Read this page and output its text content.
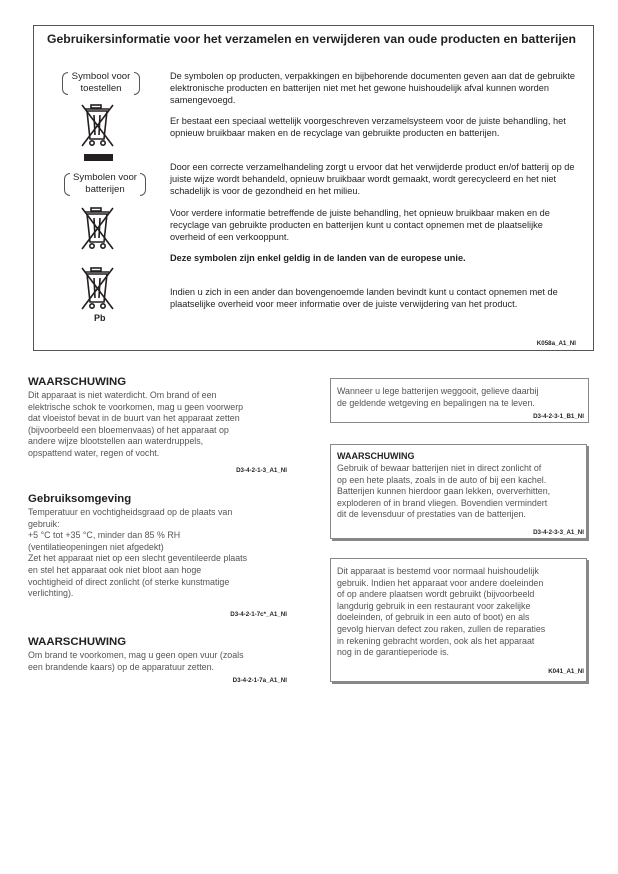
Gebruikersinformatie voor het verzamelen en verwijderen van oude producten en batterijen
Symbool voor toestellen
Symbolen voor batterijen
Pb
De symbolen op producten, verpakkingen en bijbehorende documenten geven aan dat de gebruikte elektronische producten en batterijen niet met het gewone huishoudelijk afval kunnen worden samengevoegd.
Er bestaat een speciaal wettelijk voorgeschreven verzamelsysteem voor de juiste behandling, het opnieuw bruikbaar maken en de recyclage van gebruikte producten en batterijen.
Door een correcte verzamelhandeling zorgt u ervoor dat het verwijderde product en/of batterij op de juiste wijze wordt behandeld, opnieuw bruikbaar wordt gemaakt, wordt gerecycleerd en het niet schadelijk is voor de gezondheid en het milieu.
Voor verdere informatie betreffende de juiste behandling, het opnieuw bruikbaar maken en de recyclage van gebruikte producten en batterijen kunt u contact opnemen met de plaatselijke overheid of een verkooppunt.
Deze symbolen zijn enkel geldig in de landen van de europese unie.
Indien u zich in een ander dan bovengenoemde landen bevindt kunt u contact opnemen met de plaatselijke overheid voor meer informatie over de juiste verwijdering van het product.
K058a_A1_Nl
WAARSCHUWING
Dit apparaat is niet waterdicht. Om brand of een
elektrische schok te voorkomen, mag u geen voorwerp
dat vloeistof bevat in de buurt van het apparaat zetten
(bijvoorbeeld een bloemenvaas) of het apparaat op
andere wijze blootstellen aan waterdruppels,
opspattend water, regen of vocht.
D3-4-2-1-3_A1_Nl
Gebruiksomgeving
Temperatuur en vochtigheidsgraad op de plaats van
gebruik:
+5 °C tot +35 °C, minder dan 85 % RH
(ventilatieopeningen niet afgedekt)
Zet het apparaat niet op een slecht geventileerde plaats
en stel het apparaat ook niet bloot aan hoge
vochtigheid of direct zonlicht (of sterke kunstmatige
verlichting).
D3-4-2-1-7c*_A1_Nl
WAARSCHUWING
Om brand te voorkomen, mag u geen open vuur (zoals
een brandende kaars) op de apparatuur zetten.
D3-4-2-1-7a_A1_Nl
Wanneer u lege batterijen weggooit, gelieve daarbij
de geldende wetgeving en bepalingen na te leven.
D3-4-2-3-1_B1_Nl
WAARSCHUWING
Gebruik of bewaar batterijen niet in direct zonlicht of
op een hete plaats, zoals in de auto of bij een kachel.
Batterijen kunnen hierdoor gaan lekken, oververhitten,
exploderen of in brand vliegen. Bovendien vermindert
dit de levensduur of prestaties van de batterijen.
D3-4-2-3-3_A1_Nl
Dit apparaat is bestemd voor normaal huishoudelijk
gebruik. Indien het apparaat voor andere doeleinden
of op andere plaatsen wordt gebruikt (bijvoorbeeld
langdurig gebruik in een restaurant voor zakelijke
doeleinden, of gebruik in een auto of boot) en als
gevolg hiervan defect zou raken, zullen de reparaties
in rekening gebracht worden, ook als het apparaat
nog in de garantieperiode is.
K041_A1_Nl
